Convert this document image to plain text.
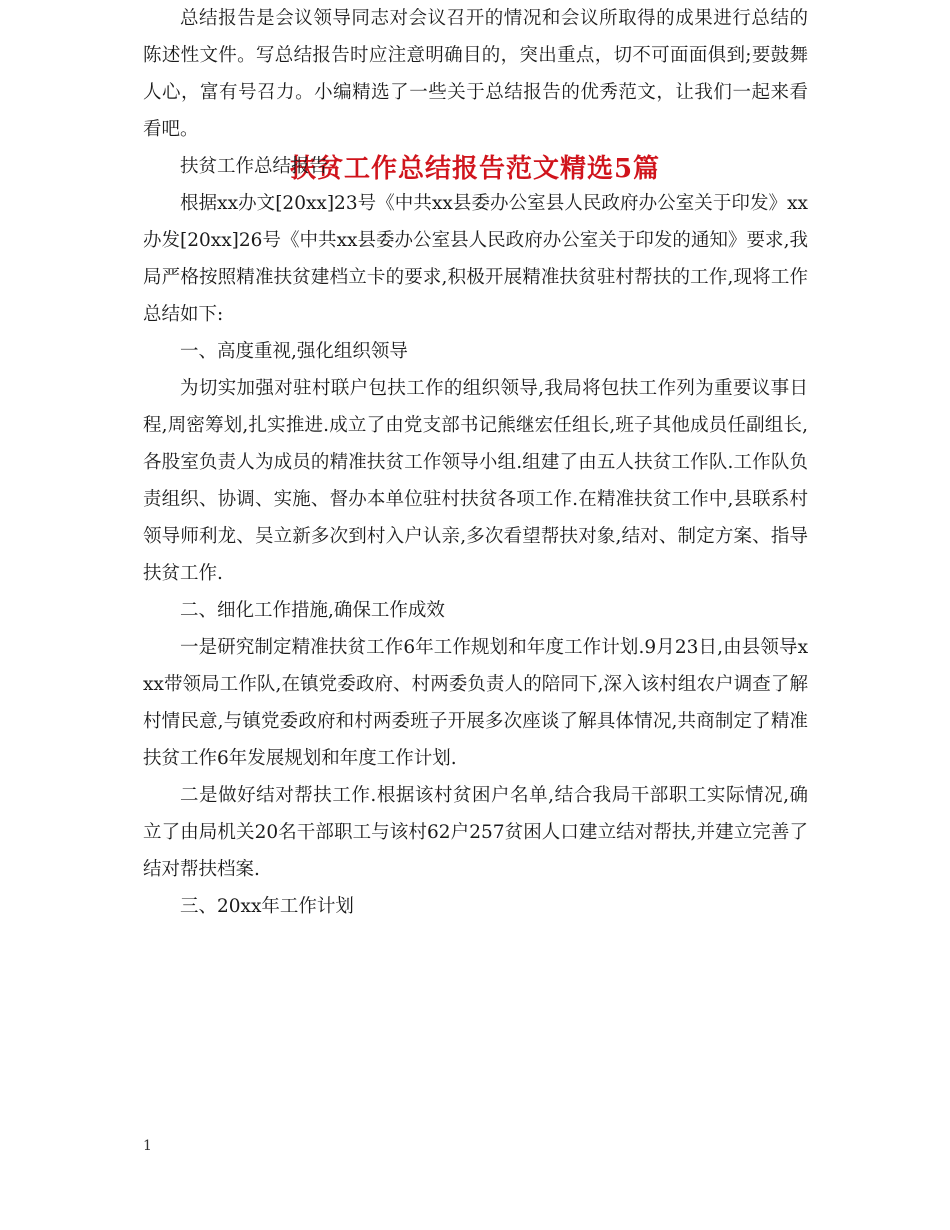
扶贫工作总结报告范文精选5篇

总结报告是会议领导同志对会议召开的情况和会议所取得的成果进行总结的陈述性文件。写总结报告时应注意明确目的，突出重点，切不可面面俱到;要鼓舞人心，富有号召力。小编精选了一些关于总结报告的优秀范文，让我们一起来看看吧。

扶贫工作总结报告

根据xx办文[20xx]23号《中共xx县委办公室县人民政府办公室关于印发》xx办发[20xx]26号《中共xx县委办公室县人民政府办公室关于印发的通知》要求,我局严格按照精准扶贫建档立卡的要求,积极开展精准扶贫驻村帮扶的工作,现将工作总结如下:

一、高度重视,强化组织领导

为切实加强对驻村联户包扶工作的组织领导,我局将包扶工作列为重要议事日程,周密筹划,扎实推进.成立了由党支部书记熊继宏任组长,班子其他成员任副组长,各股室负责人为成员的精准扶贫工作领导小组.组建了由五人扶贫工作队.工作队负责组织、协调、实施、督办本单位驻村扶贫各项工作.在精准扶贫工作中,县联系村领导师利龙、吴立新多次到村入户认亲,多次看望帮扶对象,结对、制定方案、指导扶贫工作.

二、细化工作措施,确保工作成效

一是研究制定精准扶贫工作6年工作规划和年度工作计划.9月23日,由县领导xxx带领局工作队,在镇党委政府、村两委负责人的陪同下,深入该村组农户调查了解村情民意,与镇党委政府和村两委班子开展多次座谈了解具体情况,共商制定了精准扶贫工作6年发展规划和年度工作计划.

二是做好结对帮扶工作.根据该村贫困户名单,结合我局干部职工实际情况,确立了由局机关20名干部职工与该村62户257贫困人口建立结对帮扶,并建立完善了结对帮扶档案.

三、20xx年工作计划

1
